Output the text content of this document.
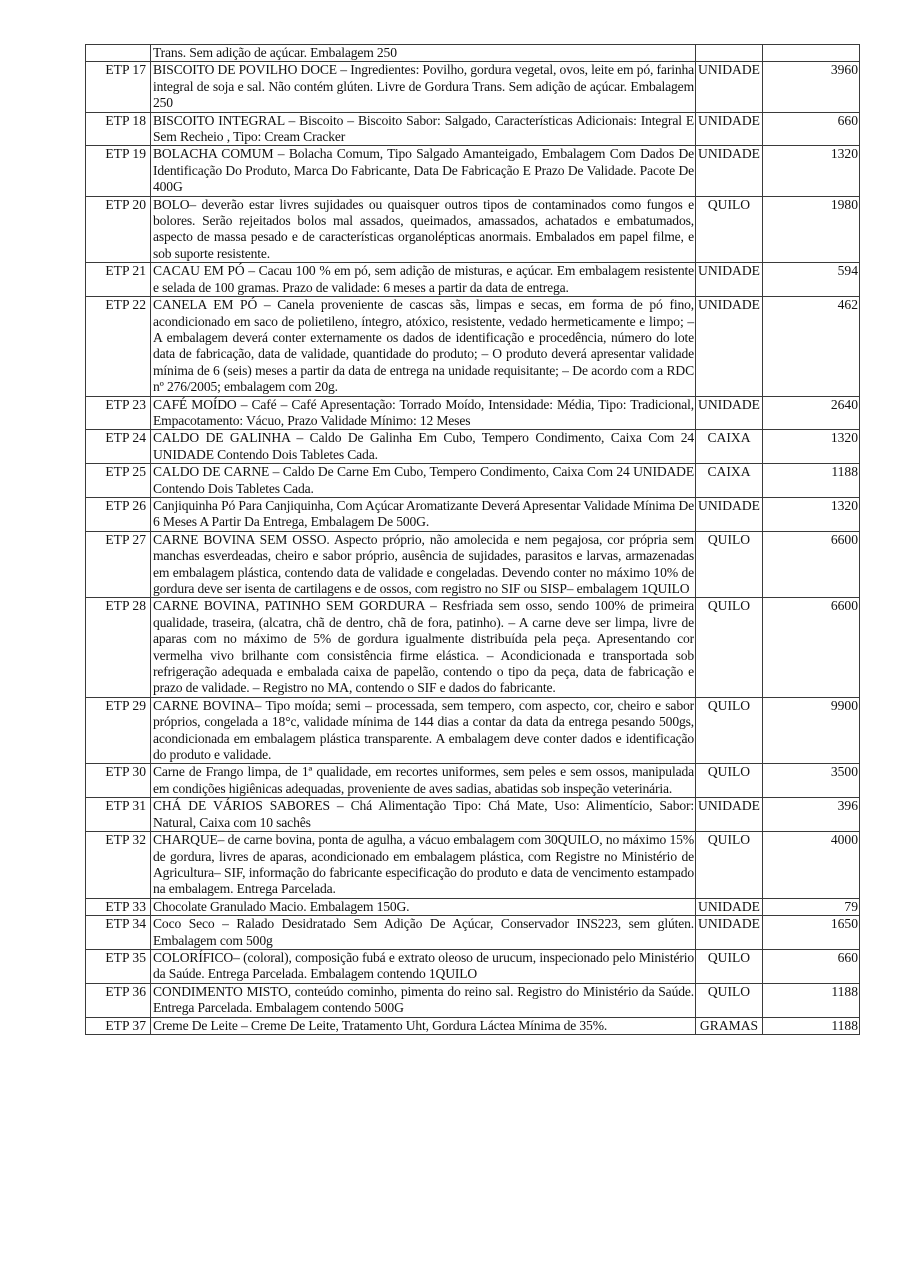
	Trans. Sem adição de açúcar. Embalagem 250		
ETP 17	BISCOITO DE POVILHO DOCE – Ingredientes: Povilho, gordura vegetal, ovos, leite em pó, farinha integral de soja e sal. Não contém glúten. Livre de Gordura Trans. Sem adição de açúcar. Embalagem 250	UNIDADE	3960
ETP 18	BISCOITO INTEGRAL – Biscoito – Biscoito Sabor: Salgado, Características Adicionais: Integral E Sem Recheio , Tipo: Cream Cracker	UNIDADE	660
ETP 19	BOLACHA COMUM – Bolacha Comum, Tipo Salgado Amanteigado, Embalagem Com Dados De Identificação Do Produto, Marca Do Fabricante, Data De Fabricação E Prazo De Validade. Pacote De 400G	UNIDADE	1320
ETP 20	BOLO– deverão estar livres sujidades ou quaisquer outros tipos de contaminados como fungos e bolores. Serão rejeitados bolos mal assados, queimados, amassados, achatados e embatumados, aspecto de massa pesado e de características organolépticas anormais. Embalados em papel filme, e sob suporte resistente.	QUILO	1980
ETP 21	CACAU EM PÓ – Cacau 100 % em pó, sem adição de misturas, e açúcar. Em embalagem resistente e selada de 100 gramas. Prazo de validade: 6 meses a partir da data de entrega.	UNIDADE	594
ETP 22	CANELA EM PÓ – Canela proveniente de cascas sãs, limpas e secas, em forma de pó fino, acondicionado em saco de polietileno, íntegro, atóxico, resistente, vedado hermeticamente e limpo; – A embalagem deverá conter externamente os dados de identificação e procedência, número do lote data de fabricação, data de validade, quantidade do produto; – O produto deverá apresentar validade mínima de 6 (seis) meses a partir da data de entrega na unidade requisitante; – De acordo com a RDC nº 276/2005; embalagem com 20g.	UNIDADE	462
ETP 23	CAFÉ MOÍDO – Café – Café Apresentação: Torrado Moído, Intensidade: Média, Tipo: Tradicional, Empacotamento: Vácuo, Prazo Validade Mínimo: 12 Meses	UNIDADE	2640
ETP 24	CALDO DE GALINHA – Caldo De Galinha Em Cubo, Tempero Condimento, Caixa Com 24 UNIDADE Contendo Dois Tabletes Cada.	CAIXA	1320
ETP 25	CALDO DE CARNE – Caldo De Carne Em Cubo, Tempero Condimento, Caixa Com 24 UNIDADE Contendo Dois Tabletes Cada.	CAIXA	1188
ETP 26	Canjiquinha Pó Para Canjiquinha, Com Açúcar Aromatizante Deverá Apresentar Validade Mínima De 6 Meses A Partir Da Entrega, Embalagem De 500G.	UNIDADE	1320
ETP 27	CARNE BOVINA SEM OSSO. Aspecto próprio, não amolecida e nem pegajosa, cor própria sem manchas esverdeadas, cheiro e sabor próprio, ausência de sujidades, parasitos e larvas, armazenadas em embalagem plástica, contendo data de validade e congeladas. Devendo conter no máximo 10% de gordura deve ser isenta de cartilagens e de ossos, com registro no SIF ou SISP– embalagem 1QUILO	QUILO	6600
ETP 28	CARNE BOVINA, PATINHO SEM GORDURA – Resfriada sem osso, sendo 100% de primeira qualidade, traseira, (alcatra, chã de dentro, chã de fora, patinho). – A carne deve ser limpa, livre de aparas com no máximo de 5% de gordura igualmente distribuída pela peça. Apresentando cor vermelha vivo brilhante com consistência firme elástica. – Acondicionada e transportada sob refrigeração adequada e embalada caixa de papelão, contendo o tipo da peça, data de fabricação e prazo de validade. – Registro no MA, contendo o SIF e dados do fabricante.	QUILO	6600
ETP 29	CARNE BOVINA– Tipo moída; semi – processada, sem tempero, com aspecto, cor, cheiro e sabor próprios, congelada a 18°c, validade mínima de 144 dias a contar da data da entrega pesando 500gs, acondicionada em embalagem plástica transparente. A embalagem deve conter dados e identificação do produto e validade.	QUILO	9900
ETP 30	Carne de Frango limpa, de 1ª qualidade, em recortes uniformes, sem peles e sem ossos, manipulada em condições higiênicas adequadas, proveniente de aves sadias, abatidas sob inspeção veterinária.	QUILO	3500
ETP 31	CHÁ DE VÁRIOS SABORES – Chá Alimentação Tipo: Chá Mate, Uso: Alimentício, Sabor: Natural, Caixa com 10 sachês	UNIDADE	396
ETP 32	CHARQUE– de carne bovina, ponta de agulha, a vácuo embalagem com 30QUILO, no máximo 15% de gordura, livres de aparas, acondicionado em embalagem plástica, com Registre no Ministério de Agricultura– SIF, informação do fabricante especificação do produto e data de vencimento estampado na embalagem. Entrega Parcelada.	QUILO	4000
ETP 33	Chocolate Granulado Macio. Embalagem 150G.	UNIDADE	79
ETP 34	Coco Seco – Ralado Desidratado Sem Adição De Açúcar, Conservador INS223, sem glúten. Embalagem com 500g	UNIDADE	1650
ETP 35	COLORÍFICO– (coloral), composição fubá e extrato oleoso de urucum, inspecionado pelo Ministério da Saúde. Entrega Parcelada. Embalagem contendo 1QUILO	QUILO	660
ETP 36	CONDIMENTO MISTO, conteúdo cominho, pimenta do reino sal. Registro do Ministério da Saúde. Entrega Parcelada. Embalagem contendo 500G	QUILO	1188
ETP 37	Creme De Leite – Creme De Leite, Tratamento Uht, Gordura Láctea Mínima de 35%.	GRAMAS	1188
